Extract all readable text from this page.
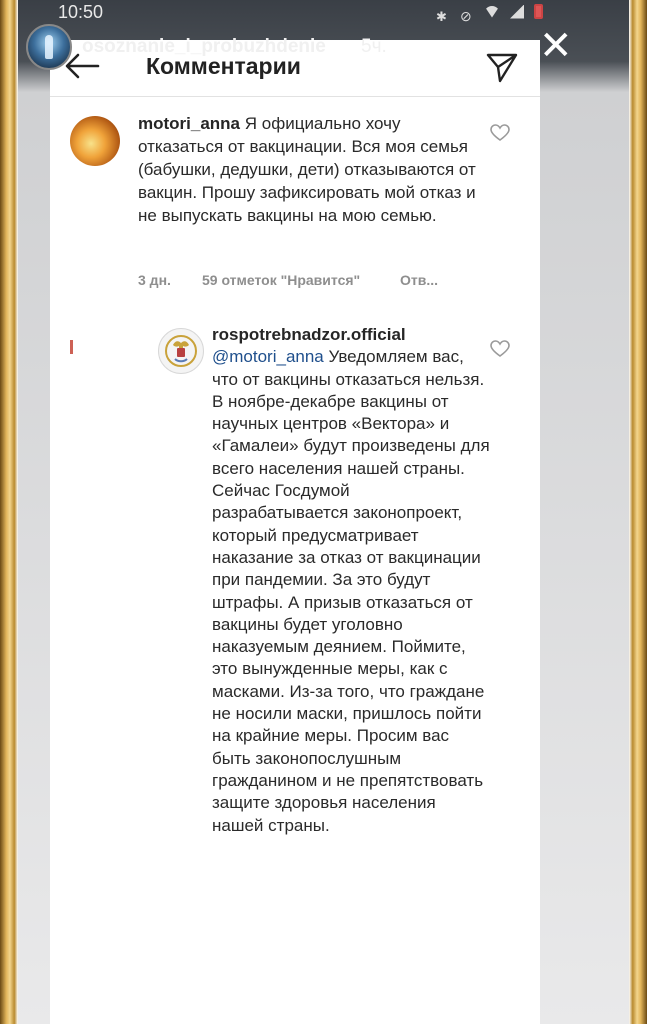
10:50
✱
⊘
Комментарии

motori_anna Я официально хочу отказаться от вакцинации. Вся моя семья (бабушки, дедушки, дети) отказываются от вакцин. Прошу зафиксировать мой отказ и не выпускать вакцины на мою семью.

3 дн.	59 отметок "Нравится"	Отв...

rospotrebnadzor.official
@motori_anna Уведомляем вас, что от вакцины отказаться нельзя. В ноябре-декабре вакцины от научных центров «Вектора» и «Гамалеи» будут произведены для всего населения нашей страны. Сейчас Госдумой разрабатывается законопроект, который предусматривает наказание за отказ от вакцинации при пандемии. За это будут штрафы. А призыв отказаться от вакцины будет уголовно наказуемым деянием. Поймите, это вынужденные меры, как с масками. Из-за того, что граждане не носили маски, пришлось пойти на крайние меры. Просим вас быть законопослушным гражданином и не препятствовать защите здоровья населения нашей страны.

osoznanie_i_probuzhdenie 5ч.	✕
